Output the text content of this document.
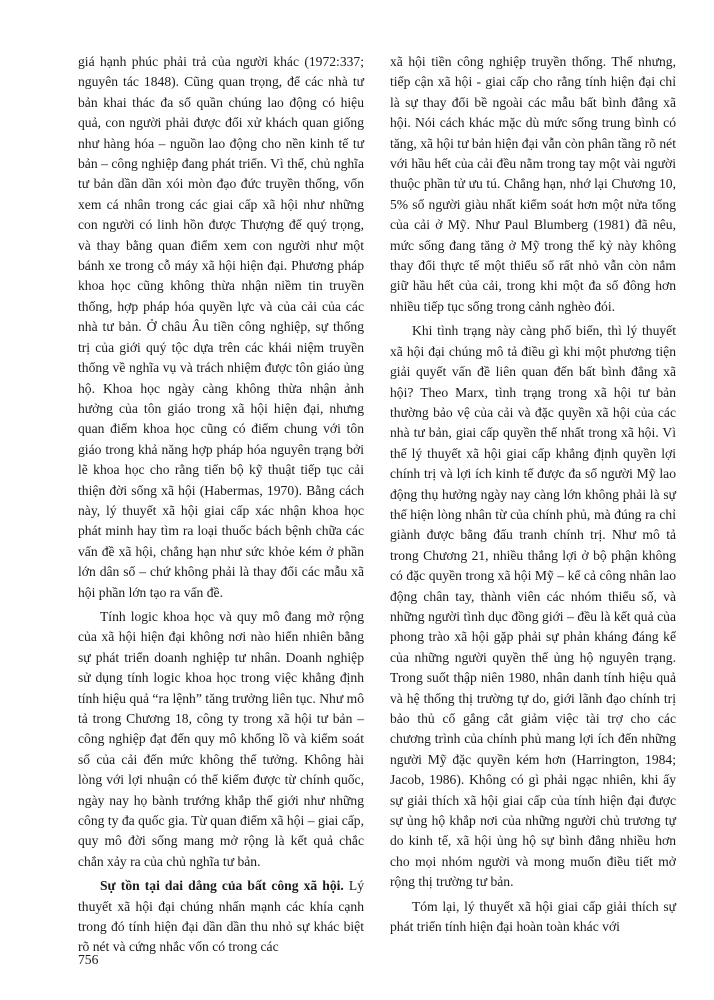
giá hạnh phúc phải trả của người khác (1972:337; nguyên tác 1848). Cũng quan trọng, để các nhà tư bản khai thác đa số quần chúng lao động có hiệu quả, con người phải được đối xử khách quan giống như hàng hóa – nguồn lao động cho nền kinh tế tư bản – công nghiệp đang phát triển. Vì thế, chủ nghĩa tư bản dần dần xói mòn đạo đức truyền thống, vốn xem cá nhân trong các giai cấp xã hội như những con người có linh hồn được Thượng đế quý trọng, và thay bằng quan điểm xem con người như một bánh xe trong cỗ máy xã hội hiện đại. Phương pháp khoa học cũng không thừa nhận niềm tin truyền thống, hợp pháp hóa quyền lực và của cải của các nhà tư bản. Ở châu Âu tiền công nghiệp, sự thống trị của giới quý tộc dựa trên các khái niệm truyền thống về nghĩa vụ và trách nhiệm được tôn giáo ủng hộ. Khoa học ngày càng không thừa nhận ảnh hưởng của tôn giáo trong xã hội hiện đại, nhưng quan điểm khoa học cũng có điểm chung với tôn giáo trong khả năng hợp pháp hóa nguyên trạng bởi lẽ khoa học cho rằng tiến bộ kỹ thuật tiếp tục cải thiện đời sống xã hội (Habermas, 1970). Bằng cách này, lý thuyết xã hội giai cấp xác nhận khoa học phát minh hay tìm ra loại thuốc bách bệnh chữa các vấn đề xã hội, chẳng hạn như sức khỏe kém ở phần lớn dân số – chứ không phải là thay đổi các mẫu xã hội phần lớn tạo ra vấn đề.

Tính logic khoa học và quy mô đang mở rộng của xã hội hiện đại không nơi nào hiển nhiên bằng sự phát triển doanh nghiệp tư nhân. Doanh nghiệp sử dụng tính logic khoa học trong việc khẳng định tính hiệu quả “ra lệnh” tăng trưởng liên tục. Như mô tả trong Chương 18, công ty trong xã hội tư bản – công nghiệp đạt đến quy mô khổng lồ và kiểm soát số của cải đến mức không thể tưởng. Không hài lòng với lợi nhuận có thể kiếm được từ chính quốc, ngày nay họ bành trướng khắp thế giới như những công ty đa quốc gia. Từ quan điểm xã hội – giai cấp, quy mô đời sống mang mở rộng là kết quả chắc chắn xảy ra của chủ nghĩa tư bản.

Sự tồn tại dai dẳng của bất công xã hội. Lý thuyết xã hội đại chúng nhấn mạnh các khía cạnh trong đó tính hiện đại dần dần thu nhỏ sự khác biệt rõ nét và cứng nhắc vốn có trong các

xã hội tiền công nghiệp truyền thống. Thế nhưng, tiếp cận xã hội - giai cấp cho rằng tính hiện đại chỉ là sự thay đổi bề ngoài các mẫu bất bình đẳng xã hội. Nói cách khác mặc dù mức sống trung bình có tăng, xã hội tư bản hiện đại vẫn còn phân tầng rõ nét với hầu hết của cải đều nằm trong tay một vài người thuộc phần tử ưu tú. Chẳng hạn, nhớ lại Chương 10, 5% số người giàu nhất kiểm soát hơn một nửa tổng của cải ở Mỹ. Như Paul Blumberg (1981) đã nêu, mức sống đang tăng ở Mỹ trong thế kỷ này không thay đổi thực tế một thiểu số rất nhỏ vẫn còn nắm giữ hầu hết của cải, trong khi một đa số đông hơn nhiều tiếp tục sống trong cảnh nghèo đói.

Khi tình trạng này càng phổ biến, thì lý thuyết xã hội đại chúng mô tả điều gì khi một phương tiện giải quyết vấn đề liên quan đến bất bình đẳng xã hội? Theo Marx, tình trạng trong xã hội tư bản thường bảo vệ của cải và đặc quyền xã hội của các nhà tư bản, giai cấp quyền thế nhất trong xã hội. Vì thế lý thuyết xã hội giai cấp khẳng định quyền lợi chính trị và lợi ích kinh tế được đa số người Mỹ lao động thụ hưởng ngày nay càng lớn không phải là sự thể hiện lòng nhân từ của chính phủ, mà đúng ra chỉ giành được bằng đấu tranh chính trị. Như mô tả trong Chương 21, nhiều thắng lợi ở bộ phận không có đặc quyền trong xã hội Mỹ – kể cả công nhân lao động chân tay, thành viên các nhóm thiểu số, và những người tình dục đồng giới – đều là kết quả của phong trào xã hội gặp phải sự phản kháng đáng kể của những người quyền thế ủng hộ nguyên trạng. Trong suốt thập niên 1980, nhân danh tính hiệu quả và hệ thống thị trường tự do, giới lãnh đạo chính trị bảo thủ cố gắng cắt giảm việc tài trợ cho các chương trình của chính phủ mang lợi ích đến những người Mỹ đặc quyền kém hơn (Harrington, 1984; Jacob, 1986). Không có gì phải ngạc nhiên, khi ấy sự giải thích xã hội giai cấp của tính hiện đại được sự ủng hộ khắp nơi của những người chủ trương tự do kinh tế, xã hội ủng hộ sự bình đẳng nhiều hơn cho mọi nhóm người và mong muốn điều tiết mở rộng thị trường tư bản.

Tóm lại, lý thuyết xã hội giai cấp giải thích sự phát triển tính hiện đại hoàn toàn khác với

756
